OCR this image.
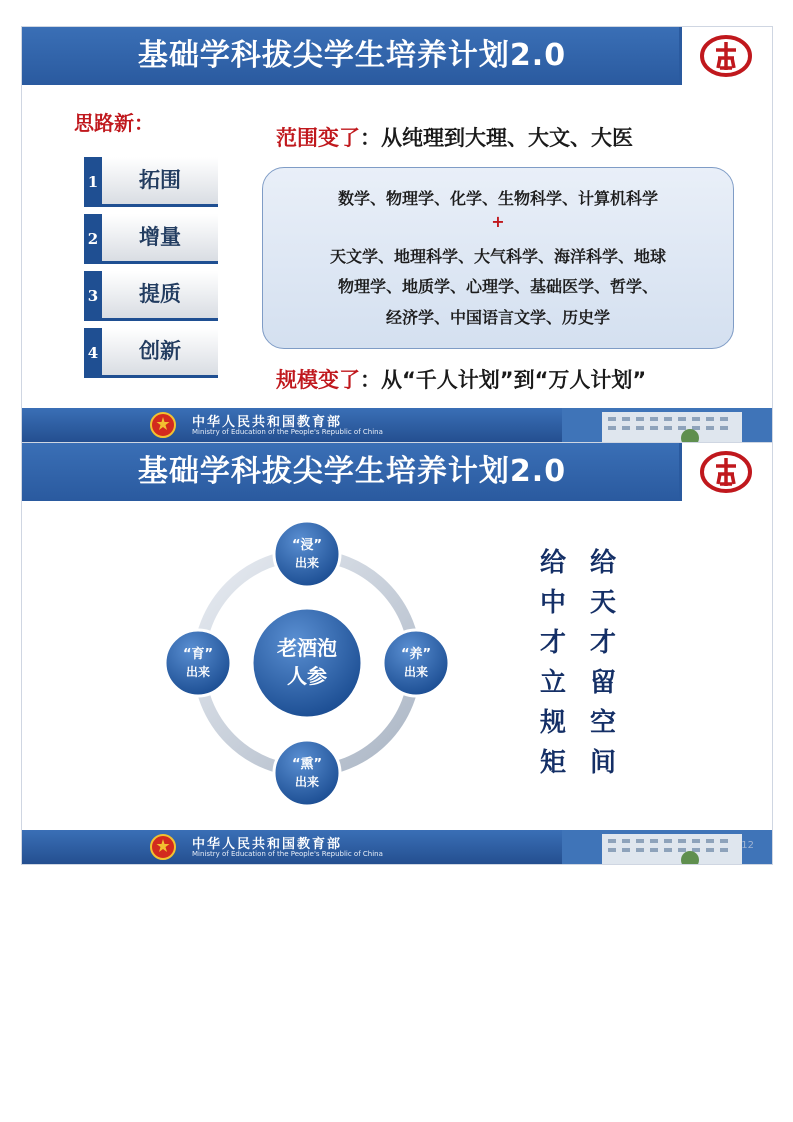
基础学科拔尖学生培养计划2.0
思路新：
1	拓围
2	增量
3	提质
4	创新
范围变了：从纯理到大理、大文、大医
数学、物理学、化学、生物科学、计算机科学
+
天文学、地理科学、大气科学、海洋科学、地球
物理学、地质学、心理学、基础医学、哲学、
经济学、中国语言文学、历史学
规模变了：从“千人计划”到“万人计划”
中华人民共和国教育部
Ministry of Education of the People's Republic of China
基础学科拔尖学生培养计划2.0
老酒泡
人参
“浸”
出来
“育”
出来
“养”
出来
“熏”
出来
给
中
才
立
规
矩
给
天
才
留
空
间
中华人民共和国教育部
Ministry of Education of the People's Republic of China
12
